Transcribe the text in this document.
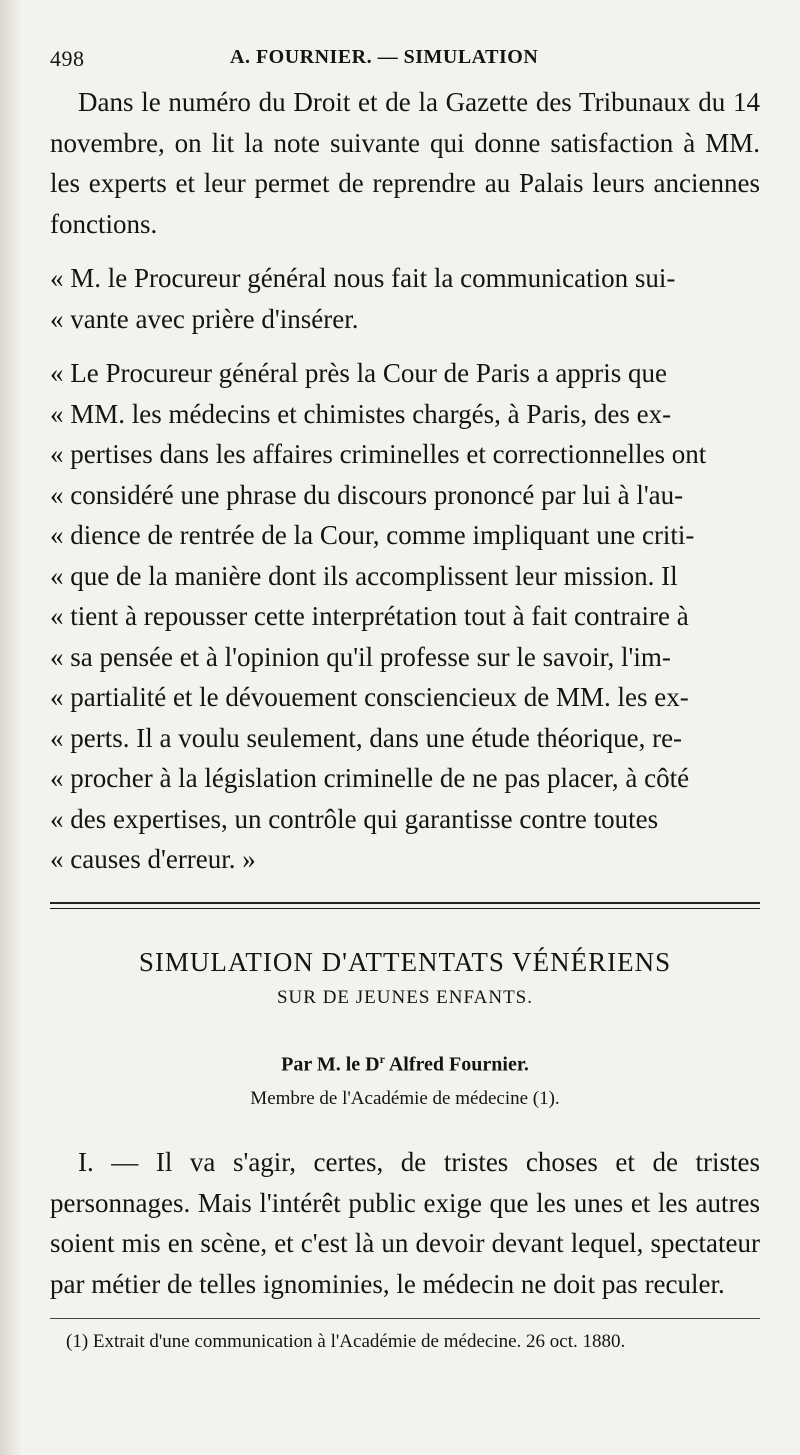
498	A. FOURNIER. — SIMULATION

Dans le numéro du Droit et de la Gazette des Tribunaux du 14 novembre, on lit la note suivante qui donne satisfaction à MM. les experts et leur permet de reprendre au Palais leurs anciennes fonctions.

« M. le Procureur général nous fait la communication sui-
« vante avec prière d'insérer.
« Le Procureur général près la Cour de Paris a appris que
« MM. les médecins et chimistes chargés, à Paris, des ex-
« pertises dans les affaires criminelles et correctionnelles ont
« considéré une phrase du discours prononcé par lui à l'au-
« dience de rentrée de la Cour, comme impliquant une criti-
« que de la manière dont ils accomplissent leur mission. Il
« tient à repousser cette interprétation tout à fait contraire à
« sa pensée et à l'opinion qu'il professe sur le savoir, l'im-
« partialité et le dévouement consciencieux de MM. les ex-
« perts. Il a voulu seulement, dans une étude théorique, re-
« procher à la législation criminelle de ne pas placer, à côté
« des expertises, un contrôle qui garantisse contre toutes
« causes d'erreur. »
SIMULATION D'ATTENTATS VÉNÉRIENS
SUR DE JEUNES ENFANTS.
Par M. le $D^r$ Alfred Fournier.
Membre de l'Académie de médecine (1).

I. — Il va s'agir, certes, de tristes choses et de tristes personnages. Mais l'intérêt public exige que les unes et les autres soient mis en scène, et c'est là un devoir devant lequel, spectateur par métier de telles ignominies, le médecin ne doit pas reculer.

(1) Extrait d'une communication à l'Académie de médecine. 26 oct. 1880.
